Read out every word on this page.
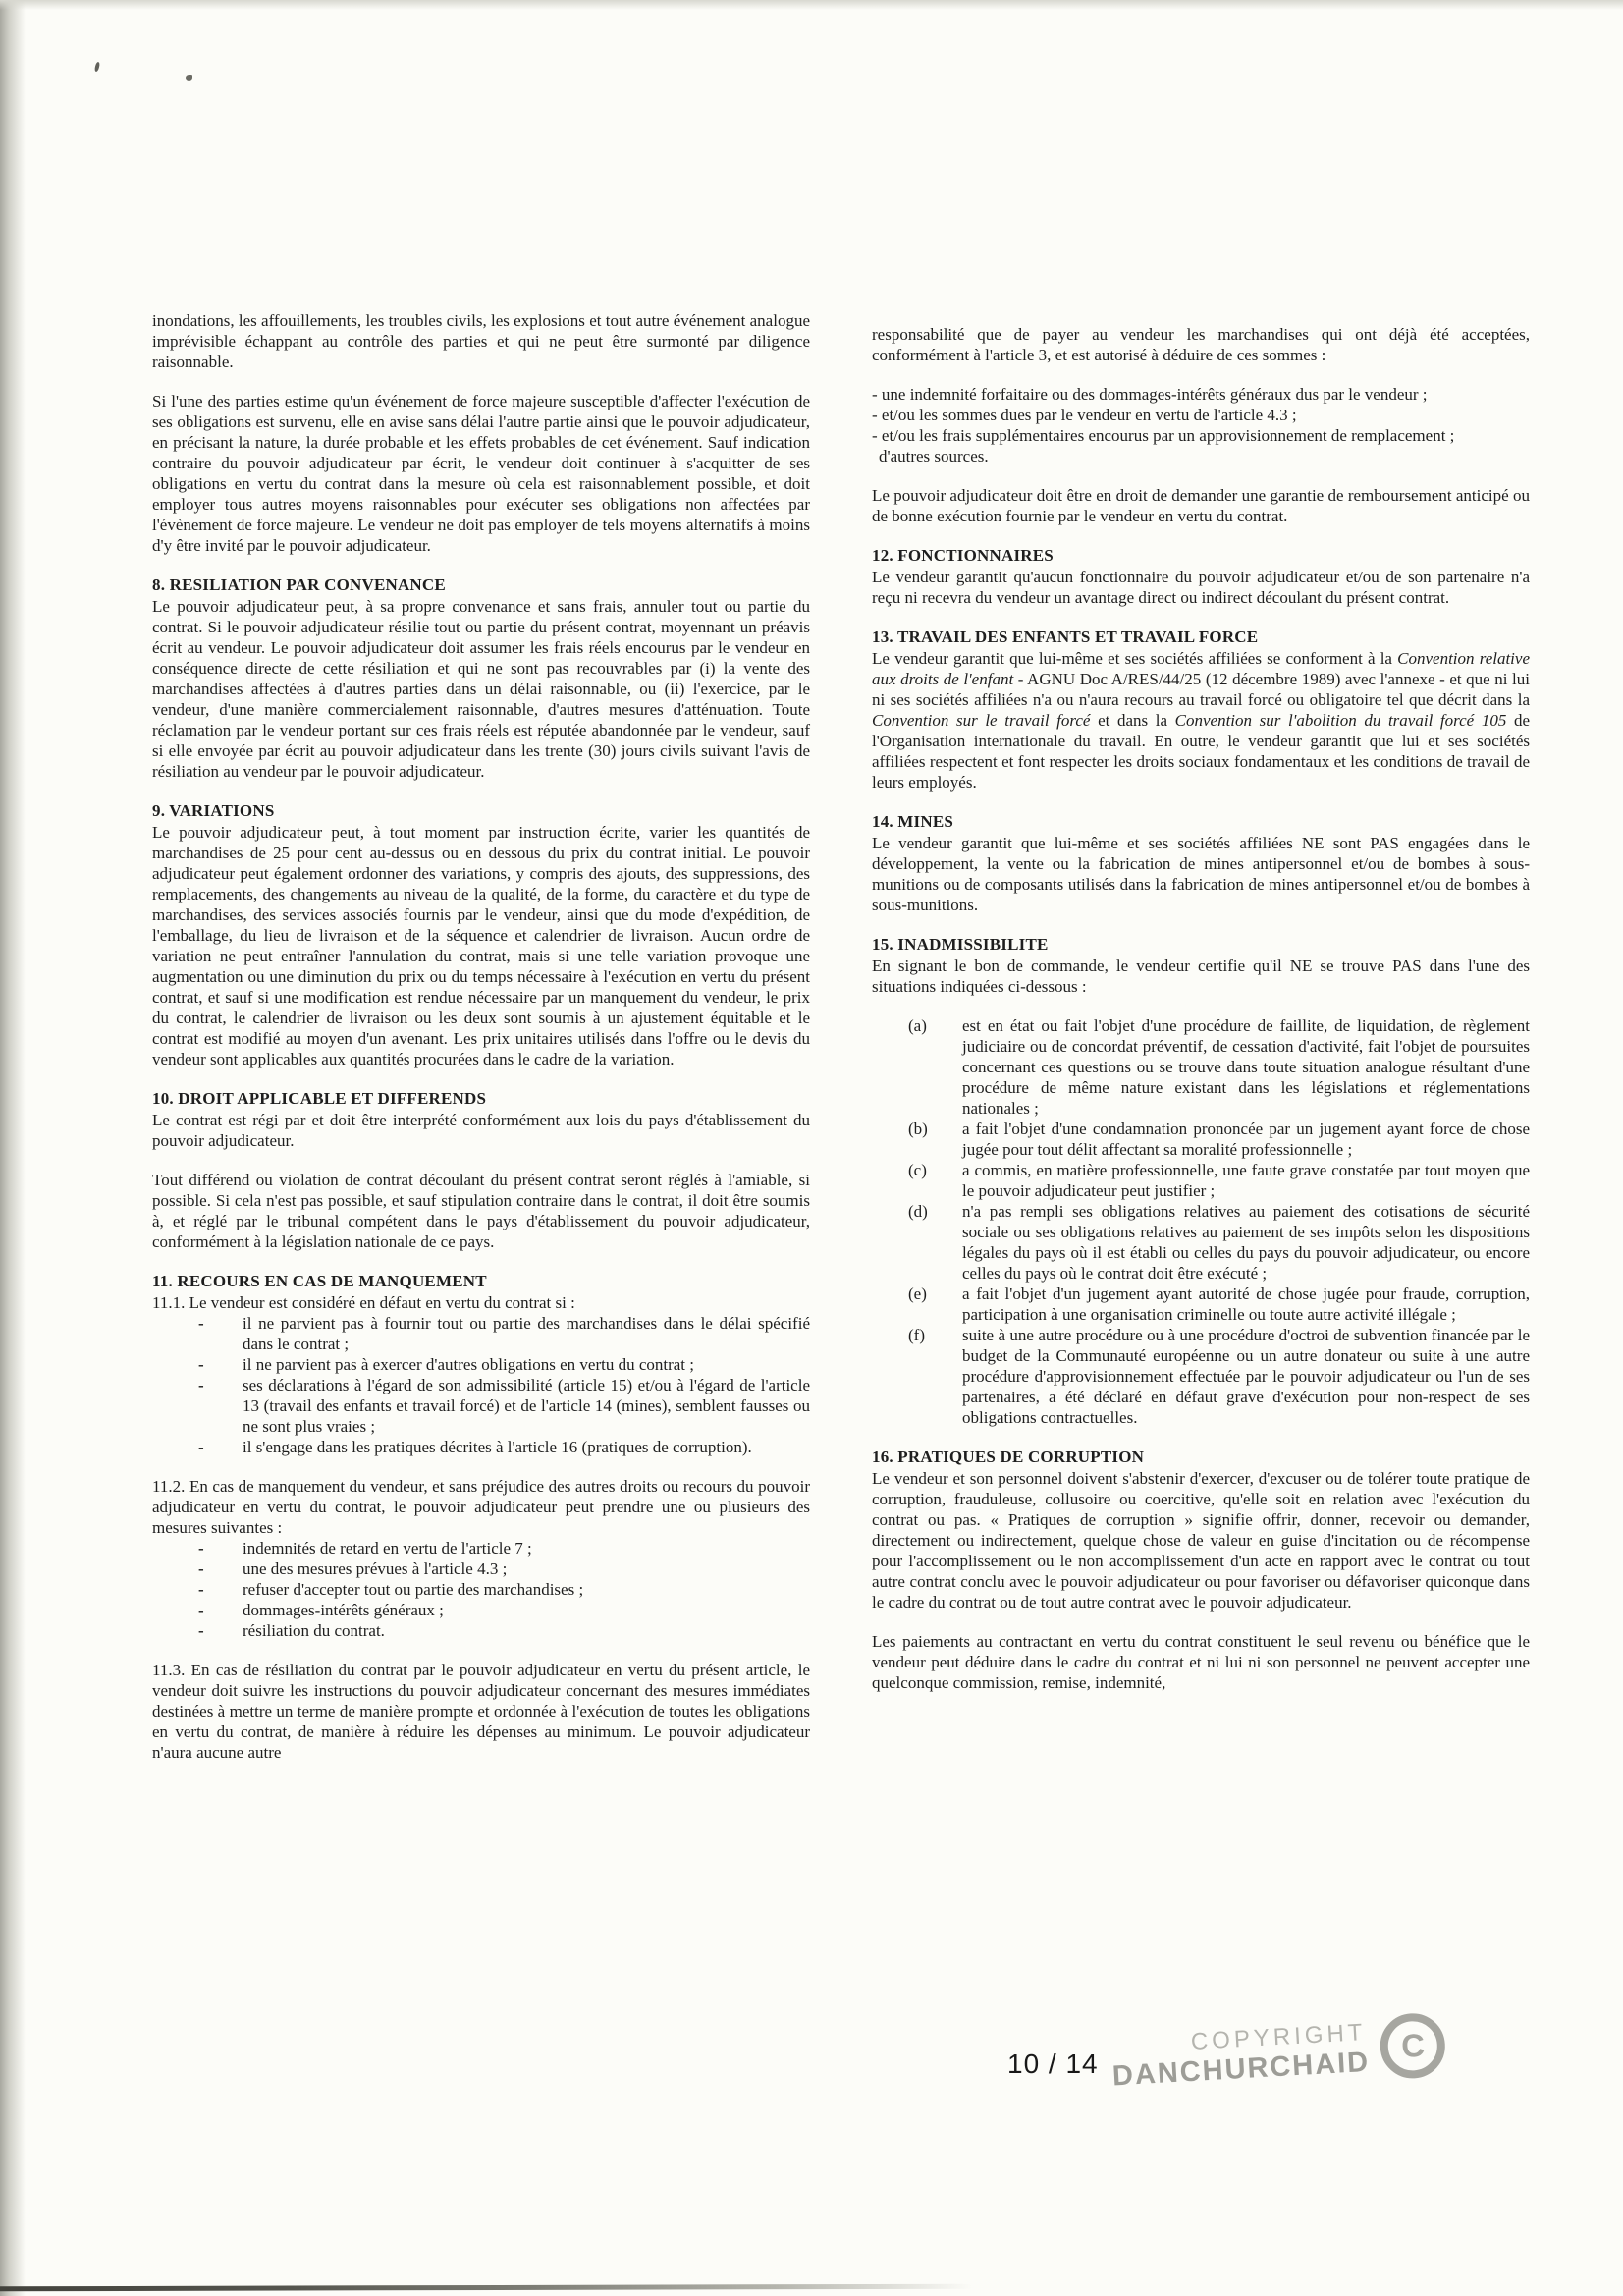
inondations, les affouillements, les troubles civils, les explosions et tout autre événement analogue imprévisible échappant au contrôle des parties et qui ne peut être surmonté par diligence raisonnable.

Si l'une des parties estime qu'un événement de force majeure susceptible d'affecter l'exécution de ses obligations est survenu, elle en avise sans délai l'autre partie ainsi que le pouvoir adjudicateur, en précisant la nature, la durée probable et les effets probables de cet événement. Sauf indication contraire du pouvoir adjudicateur par écrit, le vendeur doit continuer à s'acquitter de ses obligations en vertu du contrat dans la mesure où cela est raisonnablement possible, et doit employer tous autres moyens raisonnables pour exécuter ses obligations non affectées par l'évènement de force majeure. Le vendeur ne doit pas employer de tels moyens alternatifs à moins d'y être invité par le pouvoir adjudicateur.

8. RESILIATION PAR CONVENANCE

Le pouvoir adjudicateur peut, à sa propre convenance et sans frais, annuler tout ou partie du contrat. Si le pouvoir adjudicateur résilie tout ou partie du présent contrat, moyennant un préavis écrit au vendeur. Le pouvoir adjudicateur doit assumer les frais réels encourus par le vendeur en conséquence directe de cette résiliation et qui ne sont pas recouvrables par (i) la vente des marchandises affectées à d'autres parties dans un délai raisonnable, ou (ii) l'exercice, par le vendeur, d'une manière commercialement raisonnable, d'autres mesures d'atténuation. Toute réclamation par le vendeur portant sur ces frais réels est réputée abandonnée par le vendeur, sauf si elle envoyée par écrit au pouvoir adjudicateur dans les trente (30) jours civils suivant l'avis de résiliation au vendeur par le pouvoir adjudicateur.

9. VARIATIONS

Le pouvoir adjudicateur peut, à tout moment par instruction écrite, varier les quantités de marchandises de 25 pour cent au-dessus ou en dessous du prix du contrat initial. Le pouvoir adjudicateur peut également ordonner des variations, y compris des ajouts, des suppressions, des remplacements, des changements au niveau de la qualité, de la forme, du caractère et du type de marchandises, des services associés fournis par le vendeur, ainsi que du mode d'expédition, de l'emballage, du lieu de livraison et de la séquence et calendrier de livraison. Aucun ordre de variation ne peut entraîner l'annulation du contrat, mais si une telle variation provoque une augmentation ou une diminution du prix ou du temps nécessaire à l'exécution en vertu du présent contrat, et sauf si une modification est rendue nécessaire par un manquement du vendeur, le prix du contrat, le calendrier de livraison ou les deux sont soumis à un ajustement équitable et le contrat est modifié au moyen d'un avenant. Les prix unitaires utilisés dans l'offre ou le devis du vendeur sont applicables aux quantités procurées dans le cadre de la variation.

10. DROIT APPLICABLE ET DIFFERENDS

Le contrat est régi par et doit être interprété conformément aux lois du pays d'établissement du pouvoir adjudicateur.

Tout différend ou violation de contrat découlant du présent contrat seront réglés à l'amiable, si possible. Si cela n'est pas possible, et sauf stipulation contraire dans le contrat, il doit être soumis à, et réglé par le tribunal compétent dans le pays d'établissement du pouvoir adjudicateur, conformément à la législation nationale de ce pays.

11. RECOURS EN CAS DE MANQUEMENT

11.1. Le vendeur est considéré en défaut en vertu du contrat si :

- il ne parvient pas à fournir tout ou partie des marchandises dans le délai spécifié dans le contrat ;
- il ne parvient pas à exercer d'autres obligations en vertu du contrat ;
- ses déclarations à l'égard de son admissibilité (article 15) et/ou à l'égard de l'article 13 (travail des enfants et travail forcé) et de l'article 14 (mines), semblent fausses ou ne sont plus vraies ;
- il s'engage dans les pratiques décrites à l'article 16 (pratiques de corruption).

11.2. En cas de manquement du vendeur, et sans préjudice des autres droits ou recours du pouvoir adjudicateur en vertu du contrat, le pouvoir adjudicateur peut prendre une ou plusieurs des mesures suivantes :

- indemnités de retard en vertu de l'article 7 ;
- une des mesures prévues à l'article 4.3 ;
- refuser d'accepter tout ou partie des marchandises ;
- dommages-intérêts généraux ;
- résiliation du contrat.

11.3. En cas de résiliation du contrat par le pouvoir adjudicateur en vertu du présent article, le vendeur doit suivre les instructions du pouvoir adjudicateur concernant des mesures immédiates destinées à mettre un terme de manière prompte et ordonnée à l'exécution de toutes les obligations en vertu du contrat, de manière à réduire les dépenses au minimum. Le pouvoir adjudicateur n'aura aucune autre

responsabilité que de payer au vendeur les marchandises qui ont déjà été acceptées, conformément à l'article 3, et est autorisé à déduire de ces sommes :

- une indemnité forfaitaire ou des dommages-intérêts généraux dus par le vendeur ;

- et/ou les sommes dues par le vendeur en vertu de l'article 4.3 ;

- et/ou les frais supplémentaires encourus par un approvisionnement de remplacement ;

d'autres sources.

Le pouvoir adjudicateur doit être en droit de demander une garantie de remboursement anticipé ou de bonne exécution fournie par le vendeur en vertu du contrat.

12. FONCTIONNAIRES

Le vendeur garantit qu'aucun fonctionnaire du pouvoir adjudicateur et/ou de son partenaire n'a reçu ni recevra du vendeur un avantage direct ou indirect découlant du présent contrat.

13. TRAVAIL DES ENFANTS ET TRAVAIL FORCE

Le vendeur garantit que lui-même et ses sociétés affiliées se conforment à la Convention relative aux droits de l'enfant - AGNU Doc A/RES/44/25 (12 décembre 1989) avec l'annexe - et que ni lui ni ses sociétés affiliées n'a ou n'aura recours au travail forcé ou obligatoire tel que décrit dans la Convention sur le travail forcé et dans la Convention sur l'abolition du travail forcé 105 de l'Organisation internationale du travail. En outre, le vendeur garantit que lui et ses sociétés affiliées respectent et font respecter les droits sociaux fondamentaux et les conditions de travail de leurs employés.

14. MINES

Le vendeur garantit que lui-même et ses sociétés affiliées NE sont PAS engagées dans le développement, la vente ou la fabrication de mines antipersonnel et/ou de bombes à sous-munitions ou de composants utilisés dans la fabrication de mines antipersonnel et/ou de bombes à sous-munitions.

15. INADMISSIBILITE

En signant le bon de commande, le vendeur certifie qu'il NE se trouve PAS dans l'une des situations indiquées ci-dessous :

(a) est en état ou fait l'objet d'une procédure de faillite, de liquidation, de règlement judiciaire ou de concordat préventif, de cessation d'activité, fait l'objet de poursuites concernant ces questions ou se trouve dans toute situation analogue résultant d'une procédure de même nature existant dans les législations et réglementations nationales ;
(b) a fait l'objet d'une condamnation prononcée par un jugement ayant force de chose jugée pour tout délit affectant sa moralité professionnelle ;
(c) a commis, en matière professionnelle, une faute grave constatée par tout moyen que le pouvoir adjudicateur peut justifier ;
(d) n'a pas rempli ses obligations relatives au paiement des cotisations de sécurité sociale ou ses obligations relatives au paiement de ses impôts selon les dispositions légales du pays où il est établi ou celles du pays du pouvoir adjudicateur, ou encore celles du pays où le contrat doit être exécuté ;
(e) a fait l'objet d'un jugement ayant autorité de chose jugée pour fraude, corruption, participation à une organisation criminelle ou toute autre activité illégale ;
(f) suite à une autre procédure ou à une procédure d'octroi de subvention financée par le budget de la Communauté européenne ou un autre donateur ou suite à une autre procédure d'approvisionnement effectuée par le pouvoir adjudicateur ou l'un de ses partenaires, a été déclaré en défaut grave d'exécution pour non-respect de ses obligations contractuelles.
16. PRATIQUES DE CORRUPTION

Le vendeur et son personnel doivent s'abstenir d'exercer, d'excuser ou de tolérer toute pratique de corruption, frauduleuse, collusoire ou coercitive, qu'elle soit en relation avec l'exécution du contrat ou pas. « Pratiques de corruption » signifie offrir, donner, recevoir ou demander, directement ou indirectement, quelque chose de valeur en guise d'incitation ou de récompense pour l'accomplissement ou le non accomplissement d'un acte en rapport avec le contrat ou tout autre contrat conclu avec le pouvoir adjudicateur ou pour favoriser ou défavoriser quiconque dans le cadre du contrat ou de tout autre contrat avec le pouvoir adjudicateur.

Les paiements au contractant en vertu du contrat constituent le seul revenu ou bénéfice que le vendeur peut déduire dans le cadre du contrat et ni lui ni son personnel ne peuvent accepter une quelconque commission, remise, indemnité,

10 / 14
COPYRIGHT
DANCHURCHAID
C
